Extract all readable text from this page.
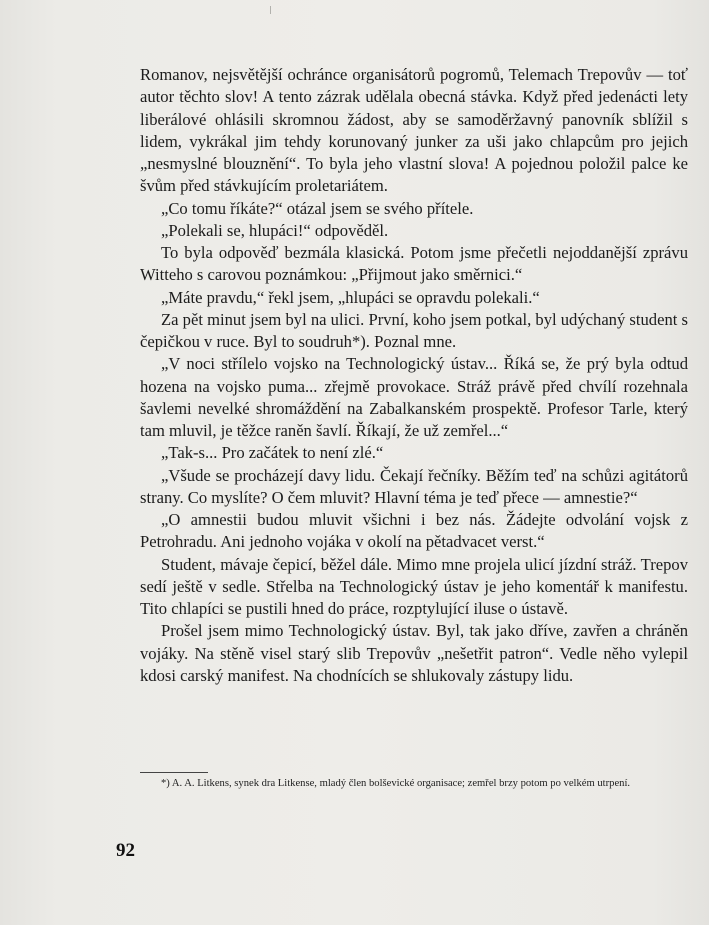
Romanov, nejsvětější ochránce organisátorů pogromů, Telemach Trepovův — toť autor těchto slov! A tento zázrak udělala obecná stávka. Když před jedenácti lety liberálové ohlásili skromnou žádost, aby se samoděržavný panovník sblížil s lidem, vykrákal jim tehdy korunovaný junker za uši jako chlapcům pro jejich „nesmyslné blouznění“. To byla jeho vlastní slova! A pojednou položil palce ke švům před stávkujícím proletariátem.

„Co tomu říkáte?“ otázal jsem se svého přítele.

„Polekali se, hlupáci!“ odpověděl.

To byla odpověď bezmála klasická. Potom jsme přečetli nejoddanější zprávu Witteho s carovou poznámkou: „Přijmout jako směrnici.“

„Máte pravdu,“ řekl jsem, „hlupáci se opravdu polekali.“

Za pět minut jsem byl na ulici. První, koho jsem potkal, byl udýchaný student s čepičkou v ruce. Byl to soudruh*). Poznal mne.

„V noci střílelo vojsko na Technologický ústav... Říká se, že prý byla odtud hozena na vojsko puma... zřejmě provokace. Stráž právě před chvílí rozehnala šavlemi nevelké shromáždění na Zabalkanském prospektě. Profesor Tarle, který tam mluvil, je těžce raněn šavlí. Říkají, že už zemřel...“

„Tak-s... Pro začátek to není zlé.“

„Všude se procházejí davy lidu. Čekají řečníky. Běžím teď na schůzi agitátorů strany. Co myslíte? O čem mluvit? Hlavní téma je teď přece — amnestie?“

„O amnestii budou mluvit všichni i bez nás. Žádejte odvolání vojsk z Petrohradu. Ani jednoho vojáka v okolí na pětadvacet verst.“

Student, mávaje čepicí, běžel dále. Mimo mne projela ulicí jízdní stráž. Trepov sedí ještě v sedle. Střelba na Technologický ústav je jeho komentář k manifestu. Tito chlapíci se pustili hned do práce, rozptylující iluse o ústavě.

Prošel jsem mimo Technologický ústav. Byl, tak jako dříve, zavřen a chráněn vojáky. Na stěně visel starý slib Trepovův „nešetřit patron“. Vedle něho vylepil kdosi carský manifest. Na chodnících se shlukovaly zástupy lidu.

*) A. A. Litkens, synek dra Litkense, mladý člen bolševické organisace; zemřel brzy potom po velkém utrpení.

92
